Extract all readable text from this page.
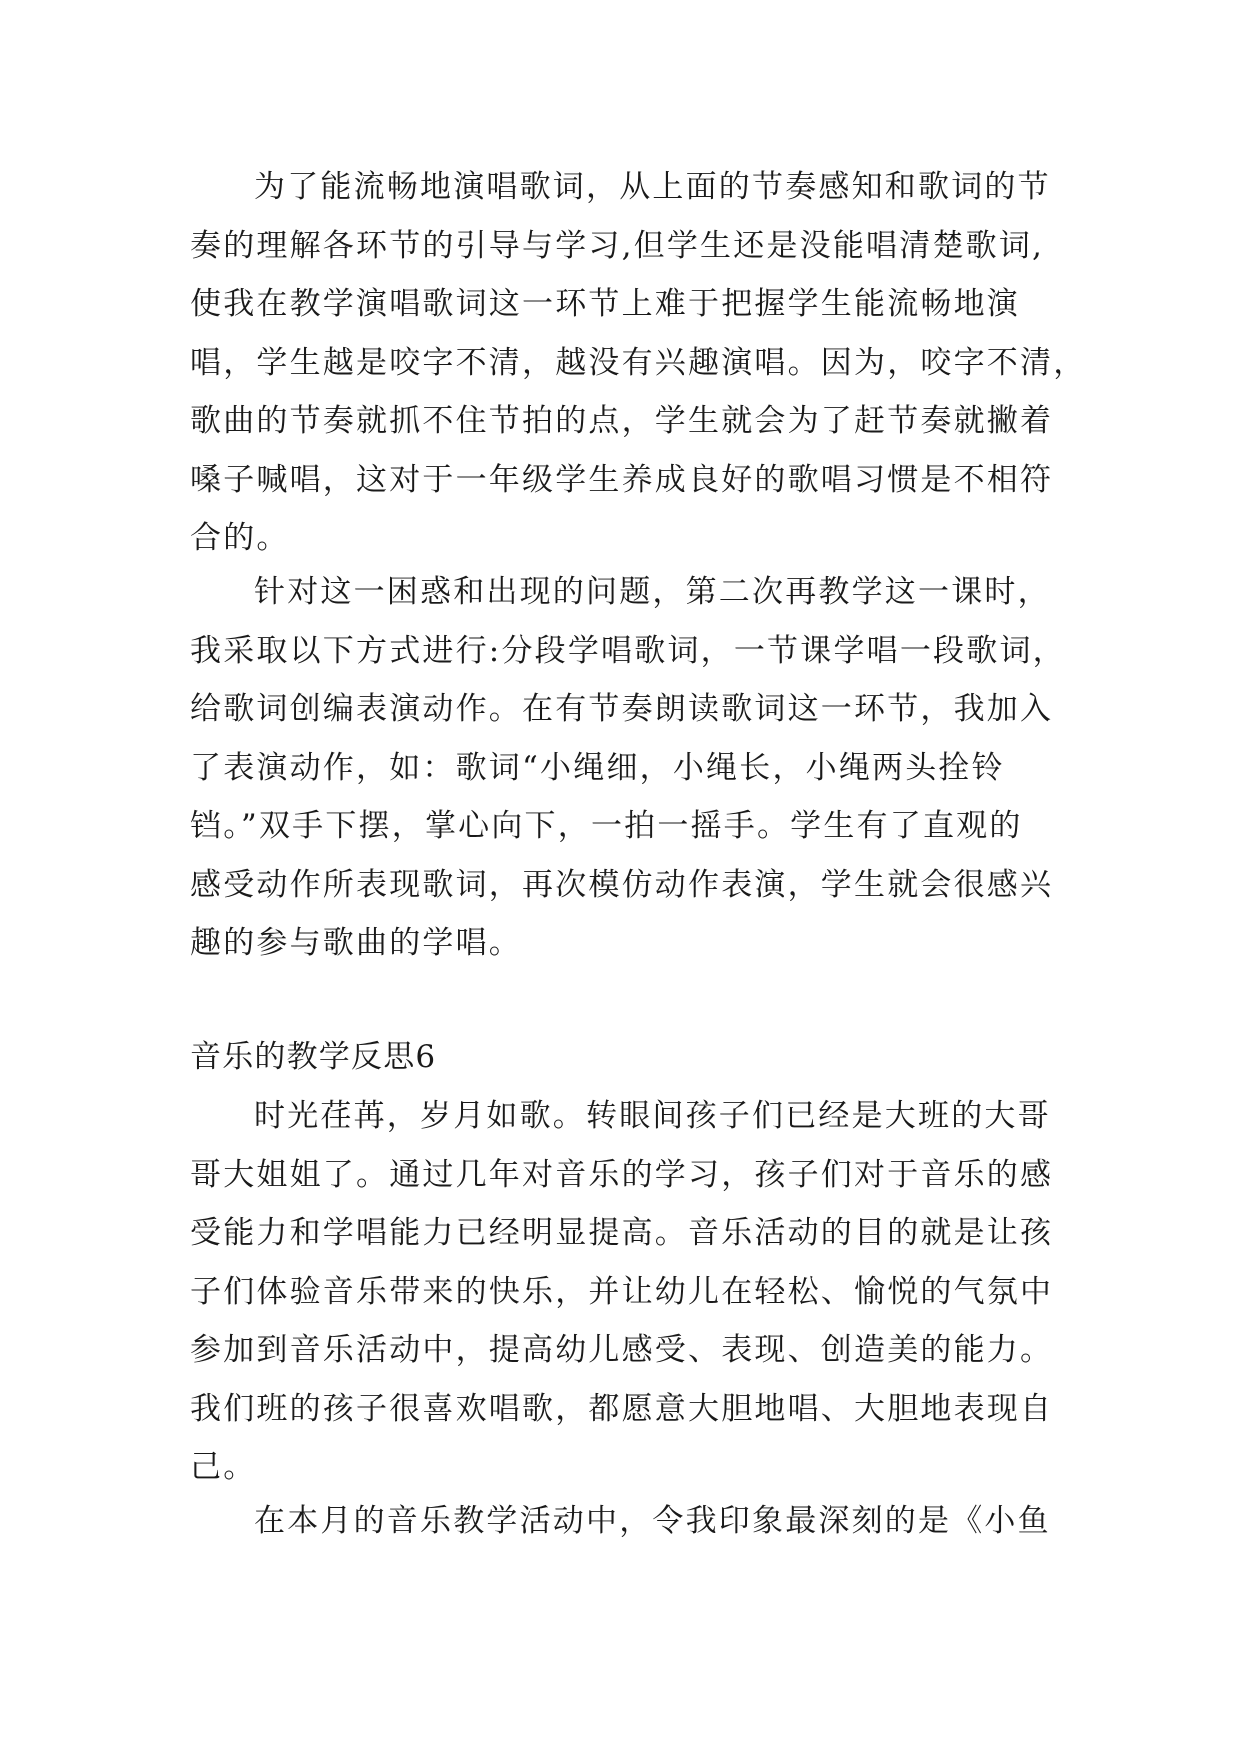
为了能流畅地演唱歌词，从上面的节奏感知和歌词的节
奏的理解各环节的引导与学习,但学生还是没能唱清楚歌词,
使我在教学演唱歌词这一环节上难于把握学生能流畅地演
唱，学生越是咬字不清，越没有兴趣演唱。因为，咬字不清，
歌曲的节奏就抓不住节拍的点，学生就会为了赶节奏就撇着
嗓子喊唱，这对于一年级学生养成良好的歌唱习惯是不相符
合的。
针对这一困惑和出现的问题，第二次再教学这一课时，
我采取以下方式进行:分段学唱歌词，一节课学唱一段歌词，
给歌词创编表演动作。在有节奏朗读歌词这一环节，我加入
了表演动作，如：歌词“小绳细，小绳长，小绳两头拴铃
铛。”双手下摆，掌心向下，一拍一摇手。学生有了直观的
感受动作所表现歌词，再次模仿动作表演，学生就会很感兴
趣的参与歌曲的学唱。
音乐的教学反思6
时光荏苒，岁月如歌。转眼间孩子们已经是大班的大哥
哥大姐姐了。通过几年对音乐的学习，孩子们对于音乐的感
受能力和学唱能力已经明显提高。音乐活动的目的就是让孩
子们体验音乐带来的快乐，并让幼儿在轻松、愉悦的气氛中
参加到音乐活动中，提高幼儿感受、表现、创造美的能力。
我们班的孩子很喜欢唱歌，都愿意大胆地唱、大胆地表现自
己。
在本月的音乐教学活动中，令我印象最深刻的是《小鱼
